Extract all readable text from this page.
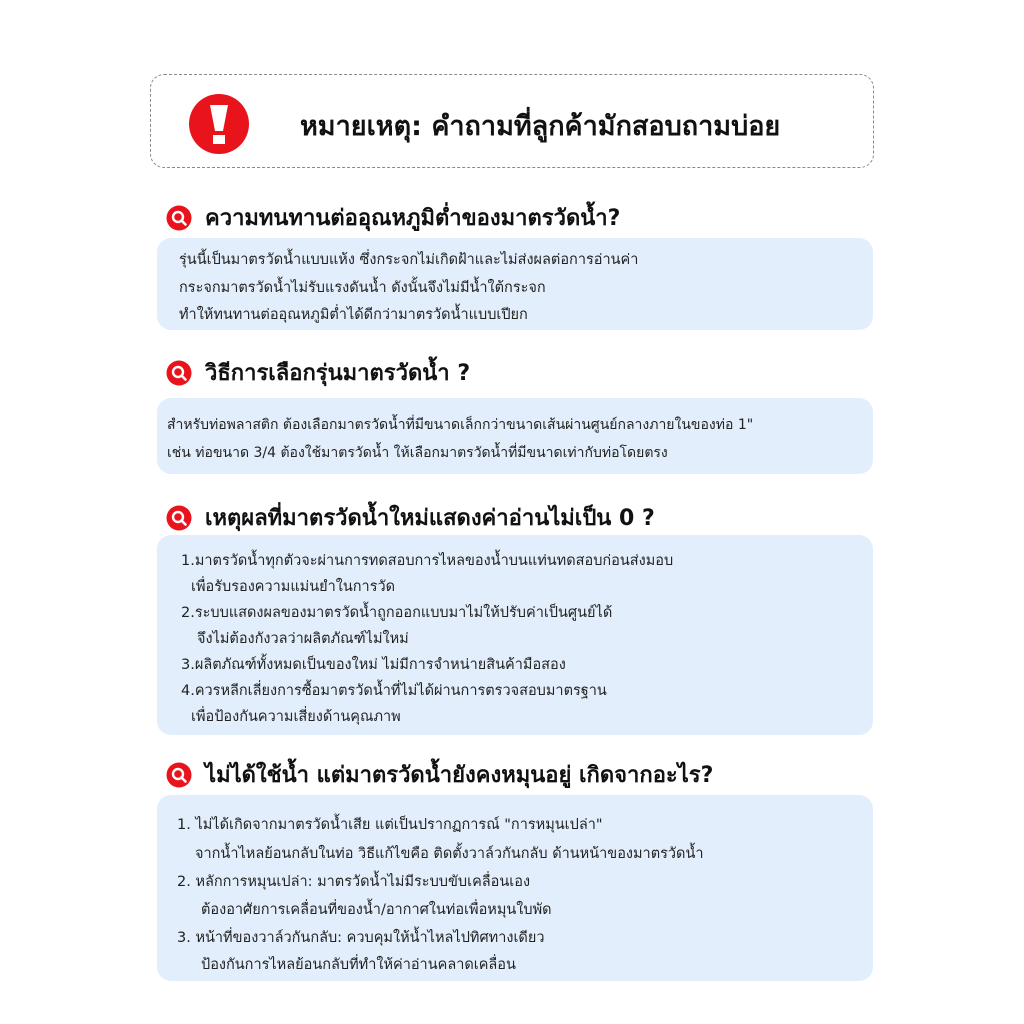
หมายเหตุ: คำถามที่ลูกค้ามักสอบถามบ่อย
ความทนทานต่ออุณหภูมิต่ำของมาตรวัดน้ำ?
รุ่นนี้เป็นมาตรวัดน้ำแบบแห้ง ซึ่งกระจกไม่เกิดฝ้าและไม่ส่งผลต่อการอ่านค่า
กระจกมาตรวัดน้ำไม่รับแรงดันน้ำ ดังนั้นจึงไม่มีน้ำใต้กระจก
ทำให้ทนทานต่ออุณหภูมิต่ำได้ดีกว่ามาตรวัดน้ำแบบเปียก
วิธีการเลือกรุ่นมาตรวัดน้ำ ?
สำหรับท่อพลาสติก ต้องเลือกมาตรวัดน้ำที่มีขนาดเล็กกว่าขนาดเส้นผ่านศูนย์กลางภายในของท่อ 1"
เช่น ท่อขนาด 3/4 ต้องใช้มาตรวัดน้ำ ให้เลือกมาตรวัดน้ำที่มีขนาดเท่ากับท่อโดยตรง
เหตุผลที่มาตรวัดน้ำใหม่แสดงค่าอ่านไม่เป็น 0 ?
1.มาตรวัดน้ำทุกตัวจะผ่านการทดสอบการไหลของน้ำบนแท่นทดสอบก่อนส่งมอบ
เพื่อรับรองความแม่นยำในการวัด
2.ระบบแสดงผลของมาตรวัดน้ำถูกออกแบบมาไม่ให้ปรับค่าเป็นศูนย์ได้
จึงไม่ต้องกังวลว่าผลิตภัณฑ์ไม่ใหม่
3.ผลิตภัณฑ์ทั้งหมดเป็นของใหม่ ไม่มีการจำหน่ายสินค้ามือสอง
4.ควรหลีกเลี่ยงการซื้อมาตรวัดน้ำที่ไม่ได้ผ่านการตรวจสอบมาตรฐาน
เพื่อป้องกันความเสี่ยงด้านคุณภาพ
ไม่ได้ใช้น้ำ แต่มาตรวัดน้ำยังคงหมุนอยู่ เกิดจากอะไร?
1. ไม่ได้เกิดจากมาตรวัดน้ำเสีย แต่เป็นปรากฏการณ์ "การหมุนเปล่า"
จากน้ำไหลย้อนกลับในท่อ วิธีแก้ไขคือ ติดตั้งวาล์วกันกลับ ด้านหน้าของมาตรวัดน้ำ
2. หลักการหมุนเปล่า: มาตรวัดน้ำไม่มีระบบขับเคลื่อนเอง
ต้องอาศัยการเคลื่อนที่ของน้ำ/อากาศในท่อเพื่อหมุนใบพัด
3. หน้าที่ของวาล์วกันกลับ: ควบคุมให้น้ำไหลไปทิศทางเดียว
ป้องกันการไหลย้อนกลับที่ทำให้ค่าอ่านคลาดเคลื่อน
